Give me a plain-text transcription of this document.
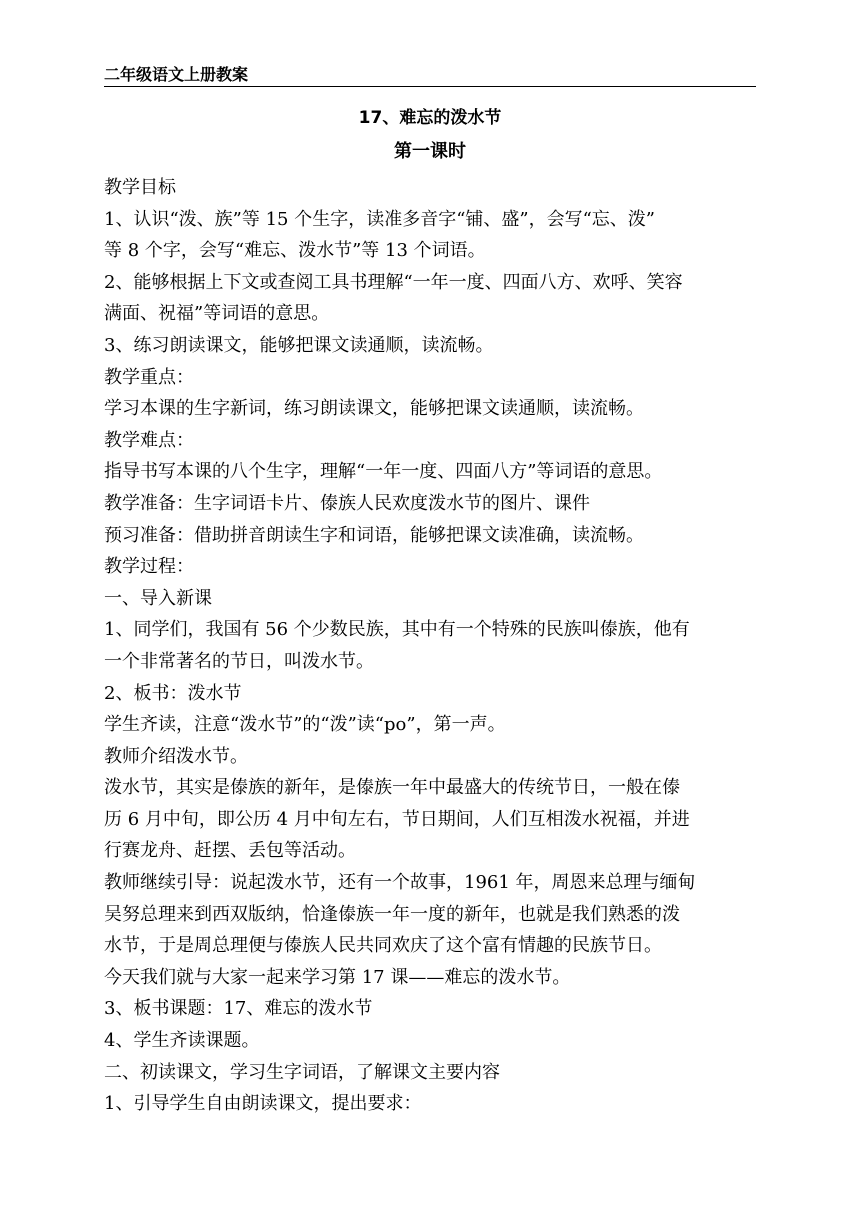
二年级语文上册教案
17、难忘的泼水节
第一课时

教学目标

1、认识“泼、族”等 15 个生字，读准多音字“铺、盛”，会写“忘、泼”

等 8 个字，会写“难忘、泼水节”等 13 个词语。

2、能够根据上下文或查阅工具书理解“一年一度、四面八方、欢呼、笑容

满面、祝福”等词语的意思。

3、练习朗读课文，能够把课文读通顺，读流畅。

教学重点：

学习本课的生字新词，练习朗读课文，能够把课文读通顺，读流畅。

教学难点：

指导书写本课的八个生字，理解“一年一度、四面八方”等词语的意思。

教学准备：生字词语卡片、傣族人民欢度泼水节的图片、课件

预习准备：借助拼音朗读生字和词语，能够把课文读准确，读流畅。

教学过程：

一、导入新课

1、同学们，我国有 56 个少数民族，其中有一个特殊的民族叫傣族，他有

一个非常著名的节日，叫泼水节。

2、板书：泼水节

学生齐读，注意“泼水节”的“泼”读“po”，第一声。

教师介绍泼水节。

泼水节，其实是傣族的新年，是傣族一年中最盛大的传统节日，一般在傣

历 6 月中旬，即公历 4 月中旬左右，节日期间，人们互相泼水祝福，并进

行赛龙舟、赶摆、丢包等活动。

教师继续引导：说起泼水节，还有一个故事，1961 年，周恩来总理与缅甸

吴努总理来到西双版纳，恰逢傣族一年一度的新年，也就是我们熟悉的泼

水节，于是周总理便与傣族人民共同欢庆了这个富有情趣的民族节日。

今天我们就与大家一起来学习第 17 课——难忘的泼水节。

3、板书课题：17、难忘的泼水节

4、学生齐读课题。

二、初读课文，学习生字词语，了解课文主要内容

1、引导学生自由朗读课文，提出要求：
